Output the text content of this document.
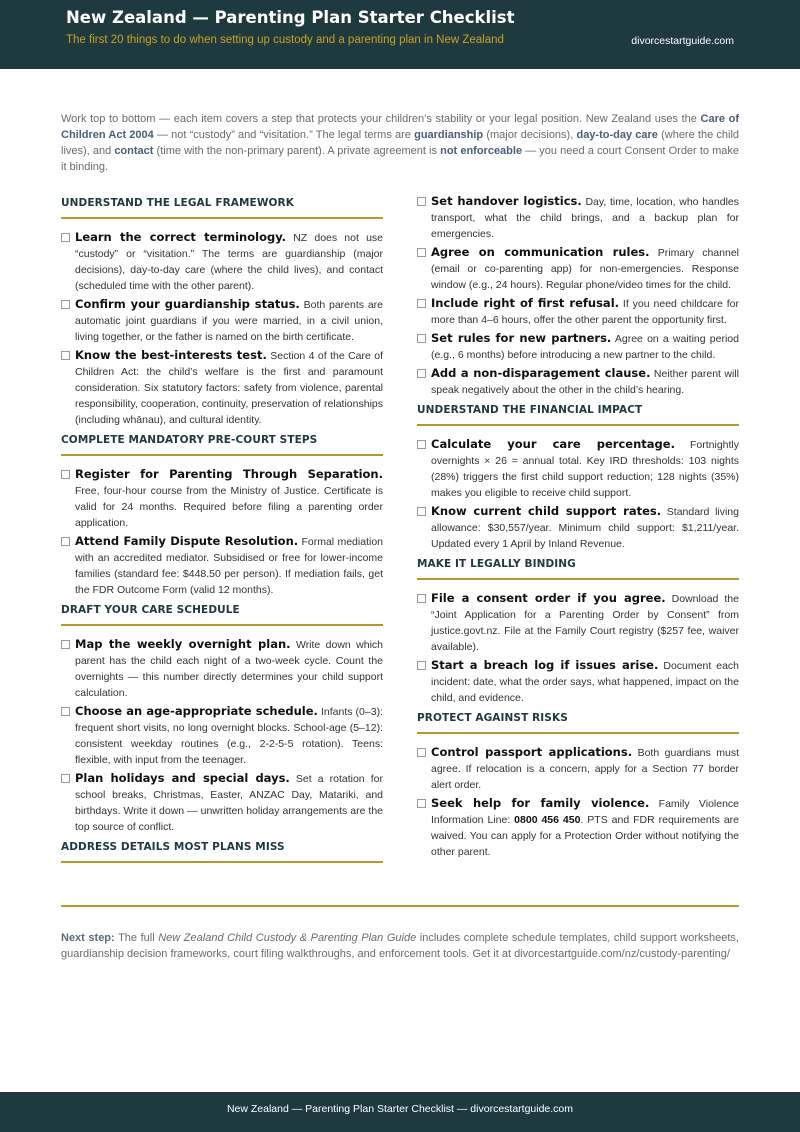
New Zealand — Parenting Plan Starter Checklist
The first 20 things to do when setting up custody and a parenting plan in New Zealand	divorcestartguide.com
Work top to bottom — each item covers a step that protects your children’s stability or your legal position. New Zealand uses the Care of Children Act 2004 — not “custody” and “visitation.” The legal terms are guardianship (major decisions), day-to-day care (where the child lives), and contact (time with the non-primary parent). A private agreement is not enforceable — you need a court Consent Order to make it binding.
UNDERSTAND THE LEGAL FRAMEWORK
Learn the correct terminology. NZ does not use “custody” or “visitation.” The terms are guardianship (major decisions), day-to-day care (where the child lives), and contact (scheduled time with the other parent).
Confirm your guardianship status. Both parents are automatic joint guardians if you were married, in a civil union, living together, or the father is named on the birth certificate.
Know the best-interests test. Section 4 of the Care of Children Act: the child’s welfare is the first and paramount consideration. Six statutory factors: safety from violence, parental responsibility, cooperation, continuity, preservation of relationships (including whānau), and cultural identity.
COMPLETE MANDATORY PRE-COURT STEPS
Register for Parenting Through Separation. Free, four-hour course from the Ministry of Justice. Certificate is valid for 24 months. Required before filing a parenting order application.
Attend Family Dispute Resolution. Formal mediation with an accredited mediator. Subsidised or free for lower-income families (standard fee: $448.50 per person). If mediation fails, get the FDR Outcome Form (valid 12 months).
DRAFT YOUR CARE SCHEDULE
Map the weekly overnight plan. Write down which parent has the child each night of a two-week cycle. Count the overnights — this number directly determines your child support calculation.
Choose an age-appropriate schedule. Infants (0–3): frequent short visits, no long overnight blocks. School-age (5–12): consistent weekday routines (e.g., 2-2-5-5 rotation). Teens: flexible, with input from the teenager.
Plan holidays and special days. Set a rotation for school breaks, Christmas, Easter, ANZAC Day, Matariki, and birthdays. Write it down — unwritten holiday arrangements are the top source of conflict.
ADDRESS DETAILS MOST PLANS MISS
Set handover logistics. Day, time, location, who handles transport, what the child brings, and a backup plan for emergencies.
Agree on communication rules. Primary channel (email or co-parenting app) for non-emergencies. Response window (e.g., 24 hours). Regular phone/video times for the child.
Include right of first refusal. If you need childcare for more than 4–6 hours, offer the other parent the opportunity first.
Set rules for new partners. Agree on a waiting period (e.g., 6 months) before introducing a new partner to the child.
Add a non-disparagement clause. Neither parent will speak negatively about the other in the child’s hearing.
UNDERSTAND THE FINANCIAL IMPACT
Calculate your care percentage. Fortnightly overnights × 26 = annual total. Key IRD thresholds: 103 nights (28%) triggers the first child support reduction; 128 nights (35%) makes you eligible to receive child support.
Know current child support rates. Standard living allowance: $30,557/year. Minimum child support: $1,211/year. Updated every 1 April by Inland Revenue.
MAKE IT LEGALLY BINDING
File a consent order if you agree. Download the “Joint Application for a Parenting Order by Consent” from justice.govt.nz. File at the Family Court registry ($257 fee, waiver available).
Start a breach log if issues arise. Document each incident: date, what the order says, what happened, impact on the child, and evidence.
PROTECT AGAINST RISKS
Control passport applications. Both guardians must agree. If relocation is a concern, apply for a Section 77 border alert order.
Seek help for family violence. Family Violence Information Line: 0800 456 450. PTS and FDR requirements are waived. You can apply for a Protection Order without notifying the other parent.
Next step: The full New Zealand Child Custody & Parenting Plan Guide includes complete schedule templates, child support worksheets, guardianship decision frameworks, court filing walkthroughs, and enforcement tools. Get it at divorcestartguide.com/nz/custody-parenting/
New Zealand — Parenting Plan Starter Checklist — divorcestartguide.com
